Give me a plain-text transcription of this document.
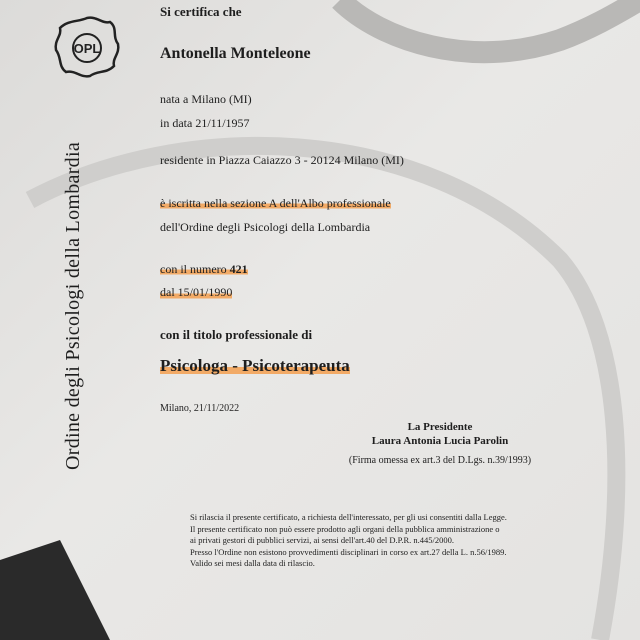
OPL
Ordine degli Psicologi della Lombardia
Si certifica che
Antonella Monteleone
nata a Milano (MI)
in data 21/11/1957
residente in Piazza Caiazzo 3 - 20124 Milano (MI)
è iscritta nella sezione A dell'Albo professionale
dell'Ordine degli Psicologi della Lombardia
con il numero 421
dal 15/01/1990
con il titolo professionale di
Psicologa - Psicoterapeuta
Milano, 21/11/2022
La Presidente
Laura Antonia Lucia Parolin
(Firma omessa ex art.3 del D.Lgs. n.39/1993)
Si rilascia il presente certificato, a richiesta dell'interessato, per gli usi consentiti dalla Legge.
Il presente certificato non può essere prodotto agli organi della pubblica amministrazione o
ai privati gestori di pubblici servizi, ai sensi dell'art.40 del D.P.R. n.445/2000.
Presso l'Ordine non esistono provvedimenti disciplinari in corso ex art.27 della L. n.56/1989.
Valido sei mesi dalla data di rilascio.
